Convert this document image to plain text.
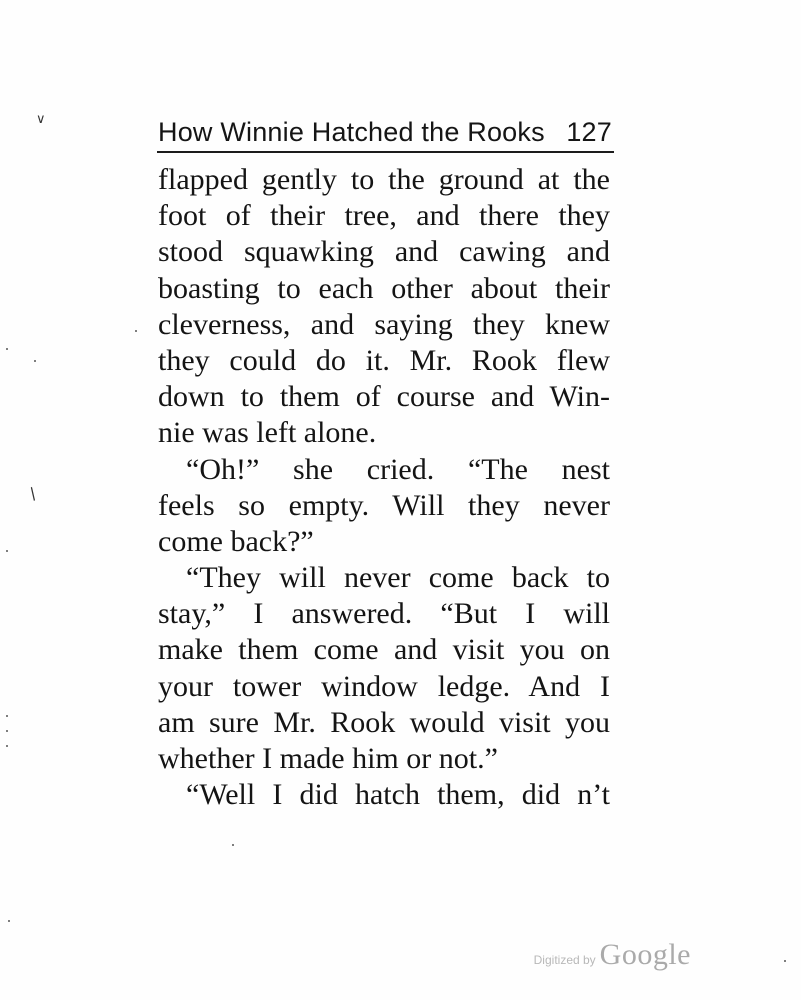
How Winnie Hatched the Rooks 127
flapped gently to the ground at the
foot of their tree, and there they
stood squawking and cawing and
boasting to each other about their
cleverness, and saying they knew
they could do it. Mr. Rook flew
down to them of course and Win-
nie was left alone.
“Oh!” she cried. “The nest
feels so empty. Will they never
come back?”
“They will never come back to
stay,” I answered. “But I will
make them come and visit you on
your tower window ledge. And I
am sure Mr. Rook would visit you
whether I made him or not.”
“Well I did hatch them, did n’t
∨
/
Digitized by Google
